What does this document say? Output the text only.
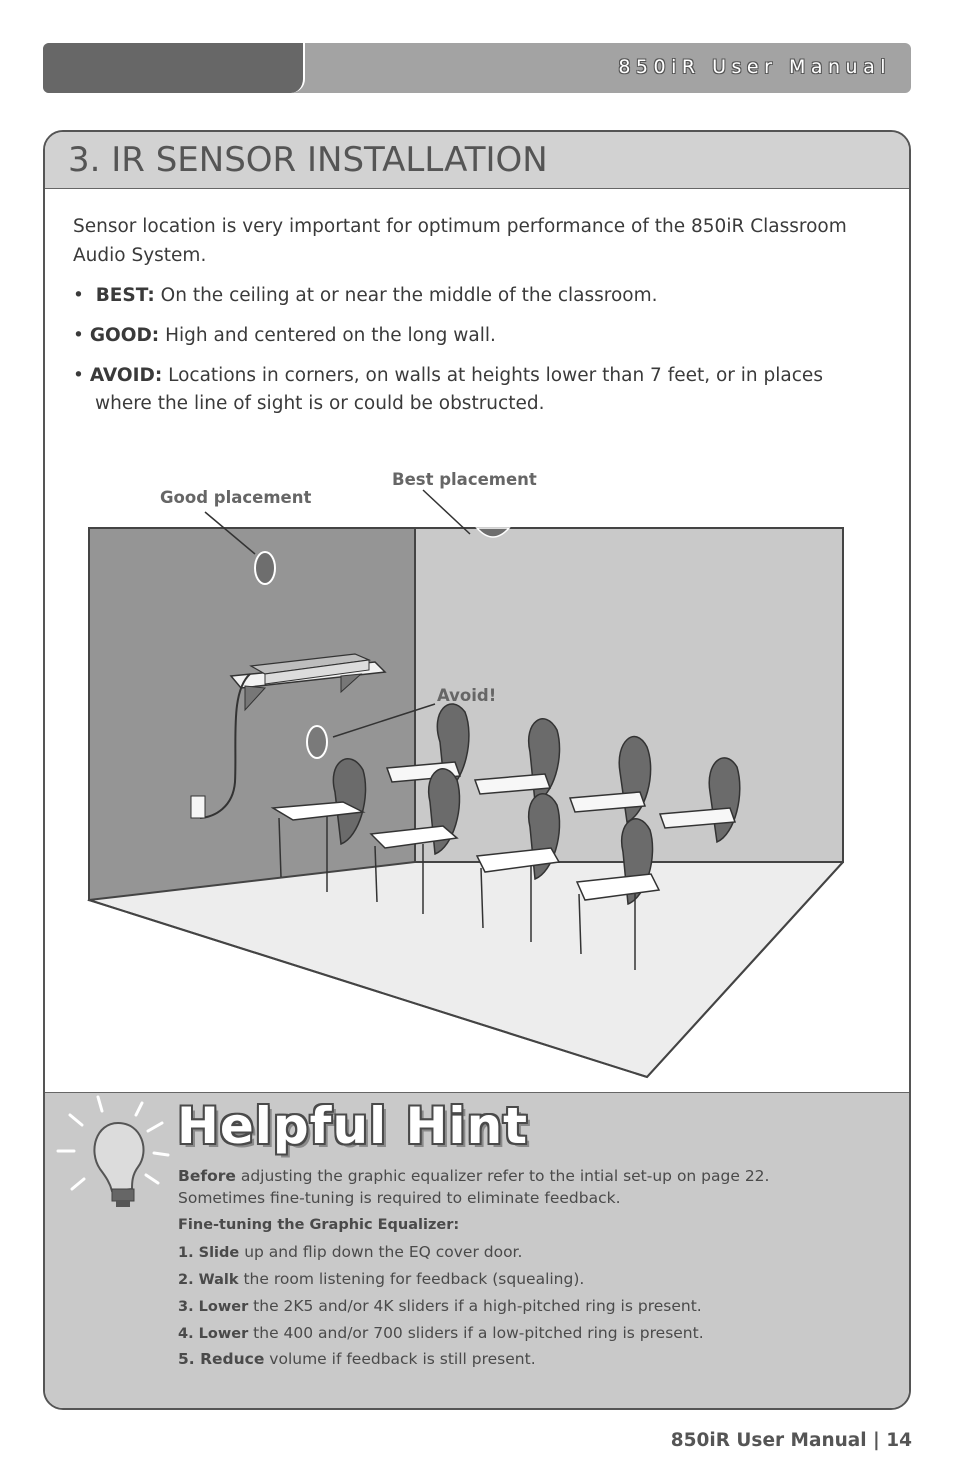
850iR User Manual
3. IR SENSOR INSTALLATION
Sensor location is very important for optimum performance of the 850iR Classroom Audio System.
• BEST: On the ceiling at or near the middle of the classroom.
• GOOD: High and centered on the long wall.
• AVOID: Locations in corners, on walls at heights lower than 7 feet, or in places
where the line of sight is or could be obstructed.
Good placement
Best placement
Avoid!
Helpful Hint
Before adjusting the graphic equalizer refer to the intial set-up on page 22.
Sometimes fine-tuning is required to eliminate feedback.
Fine-tuning the Graphic Equalizer:
1. Slide up and flip down the EQ cover door.
2. Walk the room listening for feedback (squealing).
3. Lower the 2K5 and/or 4K sliders if a high-pitched ring is present.
4. Lower the 400 and/or 700 sliders if a low-pitched ring is present.
5. Reduce volume if feedback is still present.
850iR User Manual | 14
